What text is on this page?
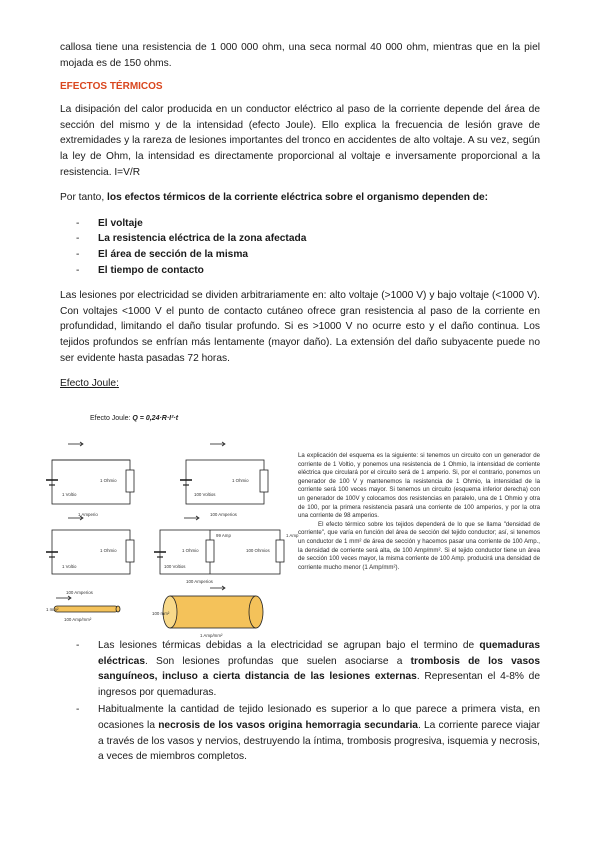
callosa tiene una resistencia de 1 000 000 ohm, una seca normal 40 000 ohm, mientras que en la piel mojada es de 150 ohms.

EFECTOS TÉRMICOS

La disipación del calor producida en un conductor eléctrico al paso de la corriente depende del área de sección del mismo y de la intensidad (efecto Joule). Ello explica la frecuencia de lesión grave de extremidades y la rareza de lesiones importantes del tronco en accidentes de alto voltaje. A su vez, según la ley de Ohm, la intensidad es directamente proporcional al voltaje e inversamente proporcional a la resistencia. I=V/R

Por tanto, los efectos térmicos de la corriente eléctrica sobre el organismo dependen de:

- El voltaje
- La resistencia eléctrica de la zona afectada
- El área de sección de la misma
- El tiempo de contacto

Las lesiones por electricidad se dividen arbitrariamente en: alto voltaje (>1000 V) y bajo voltaje (<1000 V). Con voltajes <1000 V el punto de contacto cutáneo ofrece gran resistencia al paso de la corriente en profundidad, limitando el daño tisular profundo. Si es >1000 V no ocurre esto y el daño continua. Los tejidos profundos se enfrían más lentamente (mayor daño). La extensión del daño subyacente puede no ser evidente hasta pasadas 72 horas.

Efecto Joule:
Efecto Joule: Q = 0,24·R·I²·t
1 Voltio
1 Ohmio
1 Amperio
100 Voltios
1 Ohmio
100 Amperios
1 Voltio
1 Ohmio
100 Voltios
1 Ohmio	100 Ohmios
99 Amp	1 Amp
100 Amperios
100 Amperios
1 mm²
100 Amp/mm²
100 mm²
1 Amp/mm²
La explicación del esquema es la siguiente: si tenemos un circuito con un generador de corriente de 1 Voltio, y ponemos una resistencia de 1 Ohmio, la intensidad de corriente eléctrica que circulará por el circuito será de 1 amperio. Si, por el contrario, ponemos un generador de 100 V y mantenemos la resistencia de 1 Ohmio, la intensidad de la corriente será 100 veces mayor. Si tenemos un circuito (esquema inferior derecha) con un generador de 100V y colocamos dos resistencias en paralelo, una de 1 Ohmio y otra de 100, por la primera resistencia pasará una corriente de 100 amperios, y por la otra una corriente de 98 amperios.
El efecto térmico sobre los tejidos dependerá de lo que se llama "densidad de corriente", que varía en función del área de sección del tejido conductor; así, si tenemos un conductor de 1 mm² de área de sección y hacemos pasar una corriente de 100 Amp., la densidad de corriente será alta, de 100 Amp/mm². Si el tejido conductor tiene un área de sección 100 veces mayor, la misma corriente de 100 Amp. producirá una densidad de corriente mucho menor (1 Amp/mm²).
- Las lesiones térmicas debidas a la electricidad se agrupan bajo el termino de quemaduras eléctricas. Son lesiones profundas que suelen asociarse a trombosis de los vasos sanguíneos, incluso a cierta distancia de las lesiones externas. Representan el 4-8% de ingresos por quemaduras.
- Habitualmente la cantidad de tejido lesionado es superior a lo que parece a primera vista, en ocasiones la necrosis de los vasos origina hemorragia secundaria. La corriente parece viajar a través de los vasos y nervios, destruyendo la íntima, trombosis progresiva, isquemia y necrosis, a veces de miembros completos.
